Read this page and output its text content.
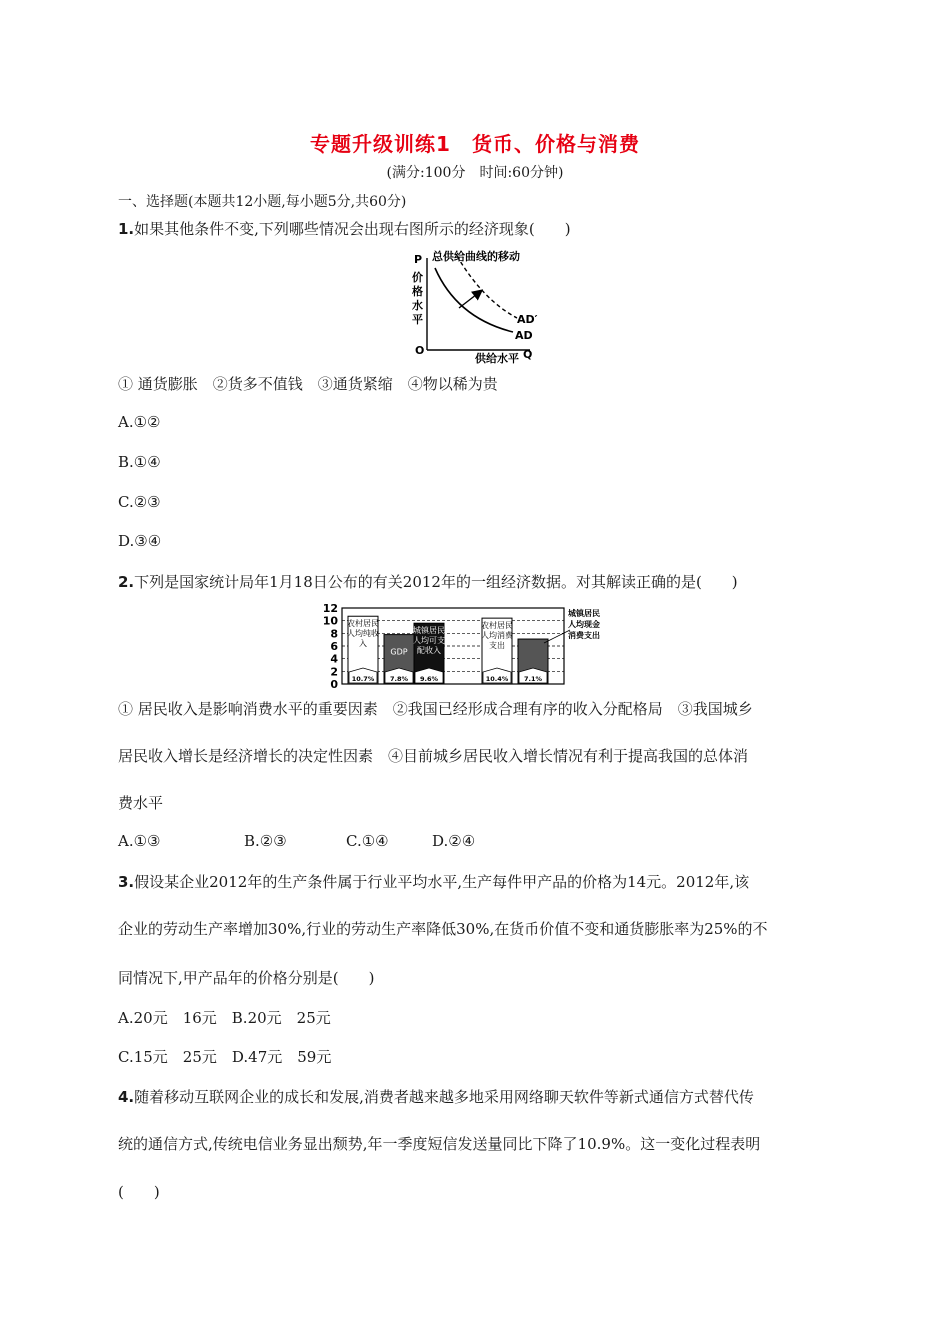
专题升级训练1　货币、价格与消费
(满分:100分　时间:60分钟)
一、选择题(本题共12小题,每小题5分,共60分)
1.如果其他条件不变,下列哪些情况会出现右图所示的经济现象(　　)
总供给曲线的移动
P
价
格
水
平
O
供给水平 Q
AD′
AD
① 通货膨胀　②货多不值钱　③通货紧缩　④物以稀为贵
A.①②
B.①④
C.②③
D.③④
2.下列是国家统计局年1月18日公布的有关2012年的一组经济数据。对其解读正确的是(　　)
0
2
4
6
8
10
12
10.7%
农村居民
人均纯收
入
7.8%
GDP
9.6%
城镇居民
人均可支
配收入
10.4%
农村居民
人均消费
支出
7.1%
城镇居民
人均现金
消费支出
① 居民收入是影响消费水平的重要因素　②我国已经形成合理有序的收入分配格局　③我国城乡
居民收入增长是经济增长的决定性因素　④目前城乡居民收入增长情况有利于提高我国的总体消
费水平
A.①③	B.②③	C.①④	D.②④
3.假设某企业2012年的生产条件属于行业平均水平,生产每件甲产品的价格为14元。2012年,该
企业的劳动生产率增加30%,行业的劳动生产率降低30%,在货币价值不变和通货膨胀率为25%的不
同情况下,甲产品年的价格分别是(　　)
A.20元　16元　B.20元　25元
C.15元　25元　D.47元　59元
4.随着移动互联网企业的成长和发展,消费者越来越多地采用网络聊天软件等新式通信方式替代传
统的通信方式,传统电信业务显出颓势,年一季度短信发送量同比下降了10.9%。这一变化过程表明
(　　)
